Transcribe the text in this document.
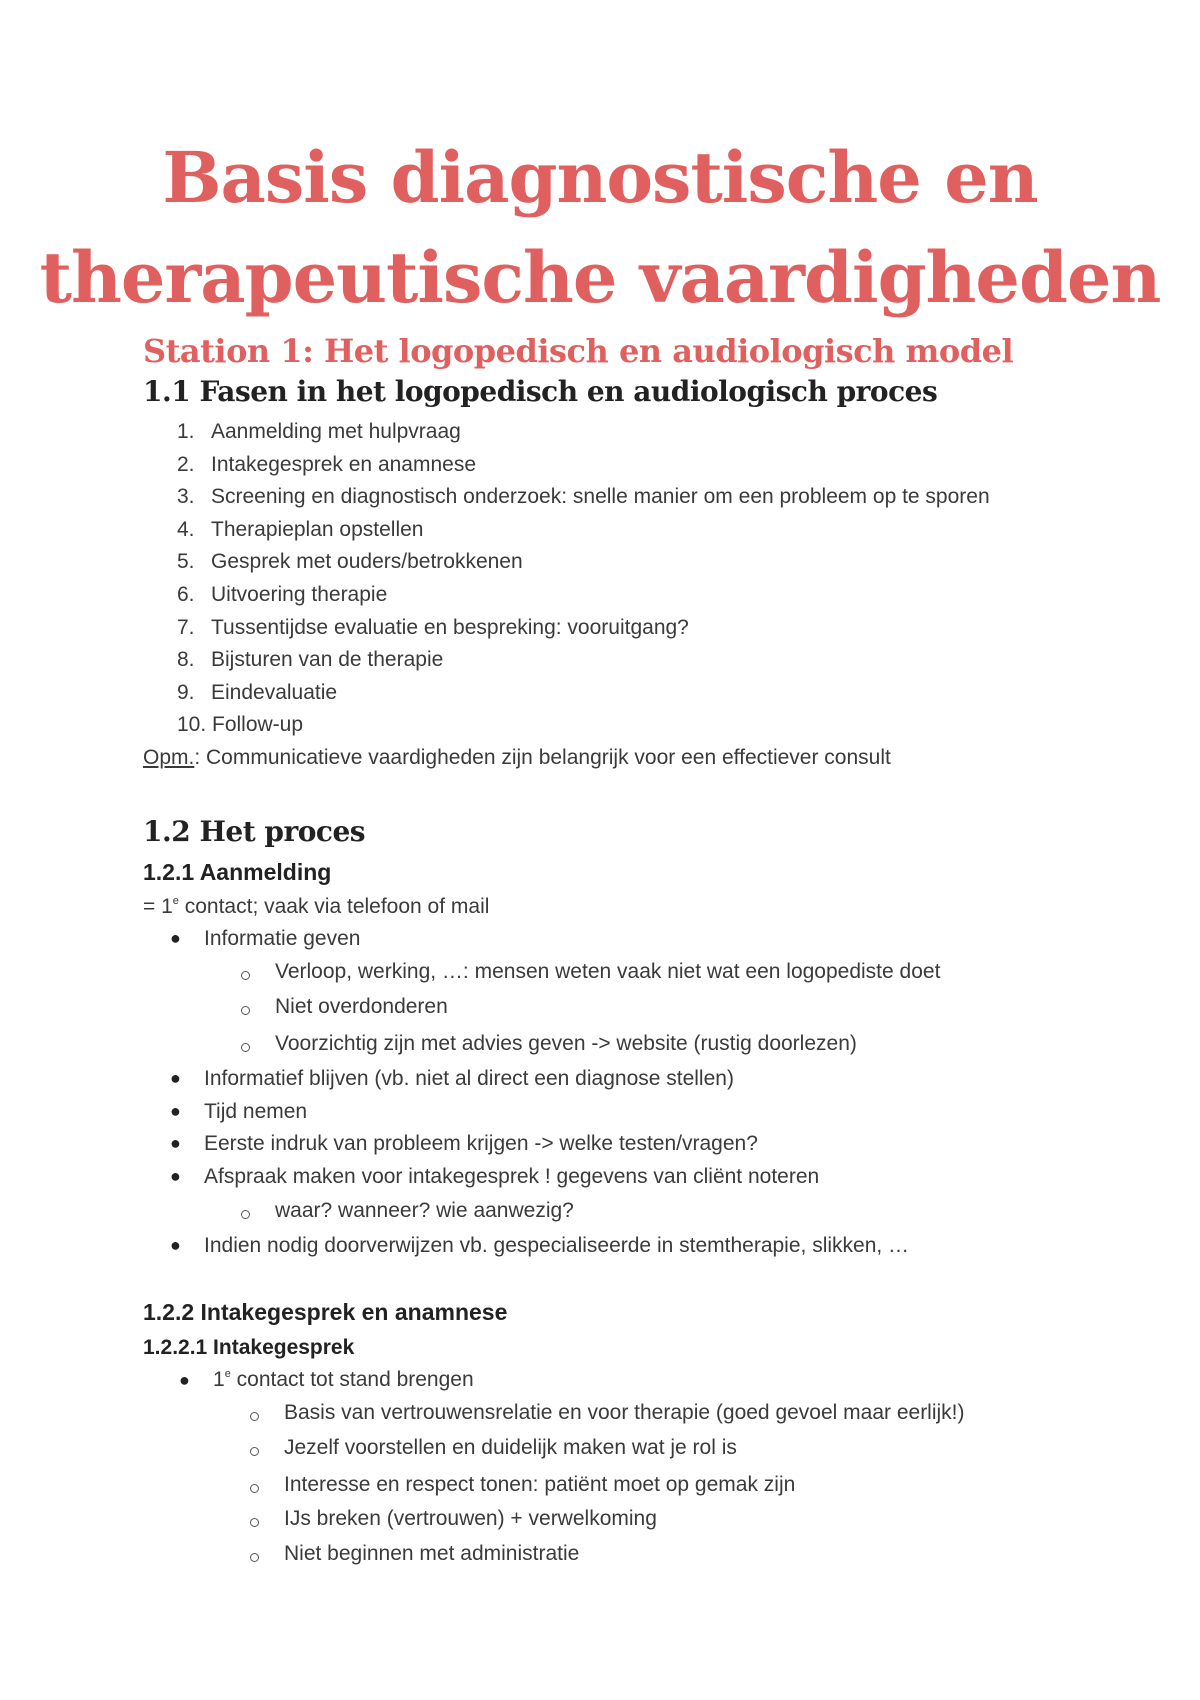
Basis diagnostische en
therapeutische vaardigheden
Station 1: Het logopedisch en audiologisch model
1.1 Fasen in het logopedisch en audiologisch proces
1. Aanmelding met hulpvraag
2. Intakegesprek en anamnese
3. Screening en diagnostisch onderzoek: snelle manier om een probleem op te sporen
4. Therapieplan opstellen
5. Gesprek met ouders/betrokkenen
6. Uitvoering therapie
7. Tussentijdse evaluatie en bespreking: vooruitgang?
8. Bijsturen van de therapie
9. Eindevaluatie
10. Follow-up
Opm.: Communicatieve vaardigheden zijn belangrijk voor een effectiever consult
1.2 Het proces
1.2.1 Aanmelding
= $1^e$ contact; vaak via telefoon of mail
● Informatie geven
Verloop, werking, …: mensen weten vaak niet wat een logopediste doet
Niet overdonderen
Voorzichtig zijn met advies geven -> website (rustig doorlezen)
● Informatief blijven (vb. niet al direct een diagnose stellen)
● Tijd nemen
● Eerste indruk van probleem krijgen -> welke testen/vragen?
● Afspraak maken voor intakegesprek ! gegevens van cliënt noteren
waar? wanneer? wie aanwezig?
● Indien nodig doorverwijzen vb. gespecialiseerde in stemtherapie, slikken, …
1.2.2 Intakegesprek en anamnese
1.2.2.1 Intakegesprek
● 1e contact tot stand brengen
Basis van vertrouwensrelatie en voor therapie (goed gevoel maar eerlijk!)
Jezelf voorstellen en duidelijk maken wat je rol is
Interesse en respect tonen: patiënt moet op gemak zijn
IJs breken (vertrouwen) + verwelkoming
Niet beginnen met administratie
